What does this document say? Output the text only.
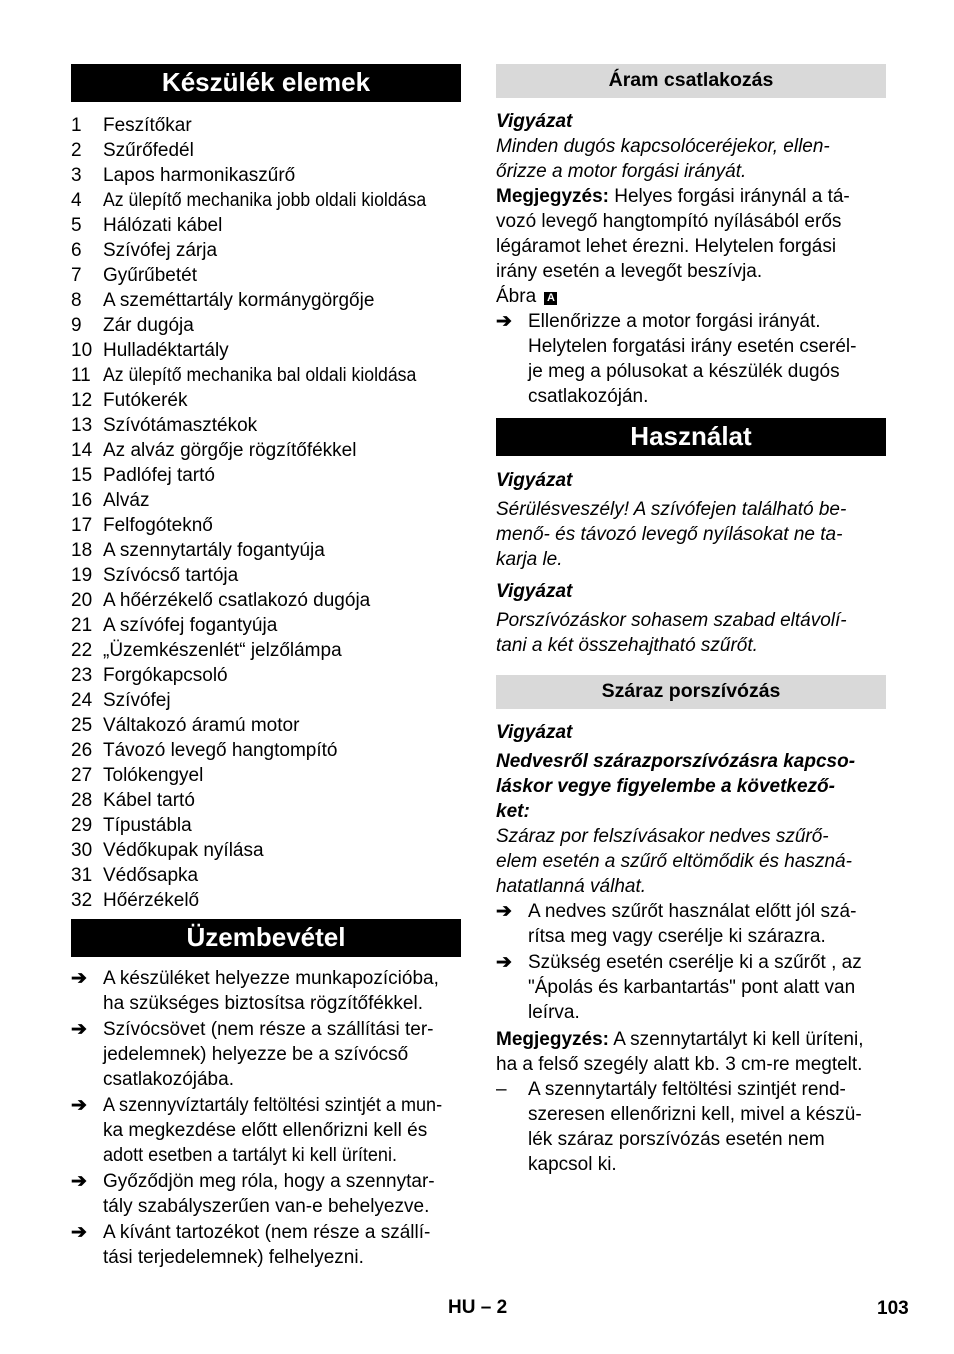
Készülék elemek
1	Feszítőkar
2	Szűrőfedél
3	Lapos harmonikaszűrő
4	Az ülepítő mechanika jobb oldali kioldása
5	Hálózati kábel
6	Szívófej zárja
7	Gyűrűbetét
8	A szeméttartály kormánygörgője
9	Zár dugója
10 Hulladéktartály
11 Az ülepítő mechanika bal oldali kioldása
12 Futókerék
13 Szívótámasztékok
14 Az alváz görgője rögzítőfékkel
15 Padlófej tartó
16 Alváz
17 Felfogóteknő
18 A szennytartály fogantyúja
19 Szívócső tartója
20 A hőérzékelő csatlakozó dugója
21 A szívófej fogantyúja
22 „Üzemkészenlét“ jelzőlámpa
23 Forgókapcsoló
24 Szívófej
25 Váltakozó áramú motor
26 Távozó levegő hangtompító
27 Tolókengyel
28 Kábel tartó
29 Típustábla
30 Védőkupak nyílása
31 Védősapka
32 Hőérzékelő
Üzembevétel
➔ A készüléket helyezze munkapozícióba,
ha szükséges biztosítsa rögzítőfékkel.
➔ Szívócsövet (nem része a szállítási ter-
jedelemnek) helyezze be a szívócső
csatlakozójába.
➔ A szennyvíztartály feltöltési szintjét a mun-
ka megkezdése előtt ellenőrizni kell és
adott esetben a tartályt ki kell üríteni.
➔ Győződjön meg róla, hogy a szennytar-
tály szabályszerűen van-e behelyezve.
➔ A kívánt tartozékot (nem része a szállí-
tási terjedelemnek) felhelyezni.
Áram csatlakozás
Vigyázat
Minden dugós kapcsolóceréjekor, ellen-
őrizze a motor forgási irányát.
Megjegyzés: Helyes forgási iránynál a tá-
vozó levegő hangtompító nyílásából erős
légáramot lehet érezni. Helytelen forgási
irány esetén a levegőt beszívja.
Ábra A
➔ Ellenőrizze a motor forgási irányát.
Helytelen forgatási irány esetén cserél-
je meg a pólusokat a készülék dugós
csatlakozóján.
Használat
Vigyázat
Sérülésveszély! A szívófejen található be-
menő- és távozó levegő nyílásokat ne ta-
karja le.
Vigyázat
Porszívózáskor sohasem szabad eltávolí-
tani a két összehajtható szűrőt.
Száraz porszívózás
Vigyázat
Nedvesről szárazporszívózásra kapcso-
láskor vegye figyelembe a következő-
ket:
Száraz por felszívásakor nedves szűrő-
elem esetén a szűrő eltömődik és haszná-
hatatlanná válhat.
➔ A nedves szűrőt használat előtt jól szá-
rítsa meg vagy cserélje ki szárazra.
➔ Szükség esetén cserélje ki a szűrőt , az
"Ápolás és karbantartás" pont alatt van
leírva.
Megjegyzés: A szennytartályt ki kell üríteni,
ha a felső szegély alatt kb. 3 cm-re megtelt.
–	A szennytartály feltöltési szintjét rend-
szeresen ellenőrizni kell, mivel a készü-
lék száraz porszívózás esetén nem
kapcsol ki.
HU – 2	103
